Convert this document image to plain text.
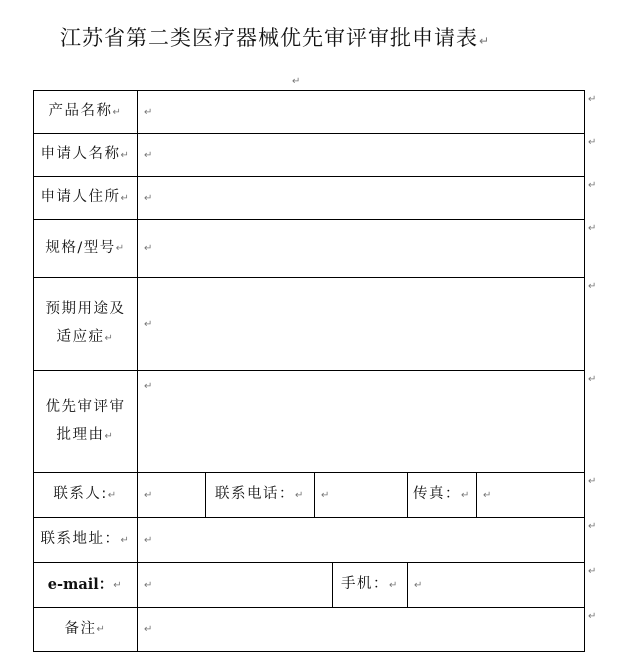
江苏省第二类医疗器械优先审评审批申请表↵
↵
产品名称 ↵ ↵
↵
申请人名称 ↵ ↵
↵
申请人住所 ↵ ↵
↵
规格/型号 ↵ ↵
↵
预期用途及
适应症↵
↵
↵
优先审评审
批理由↵
↵
↵
联系人: ↵	↵	联系电话： ↵ ↵	传真： ↵ ↵
↵
联系地址： ↵ ↵
↵
e-mail： ↵ ↵	手机： ↵ ↵
↵
备注 ↵	↵
↵
